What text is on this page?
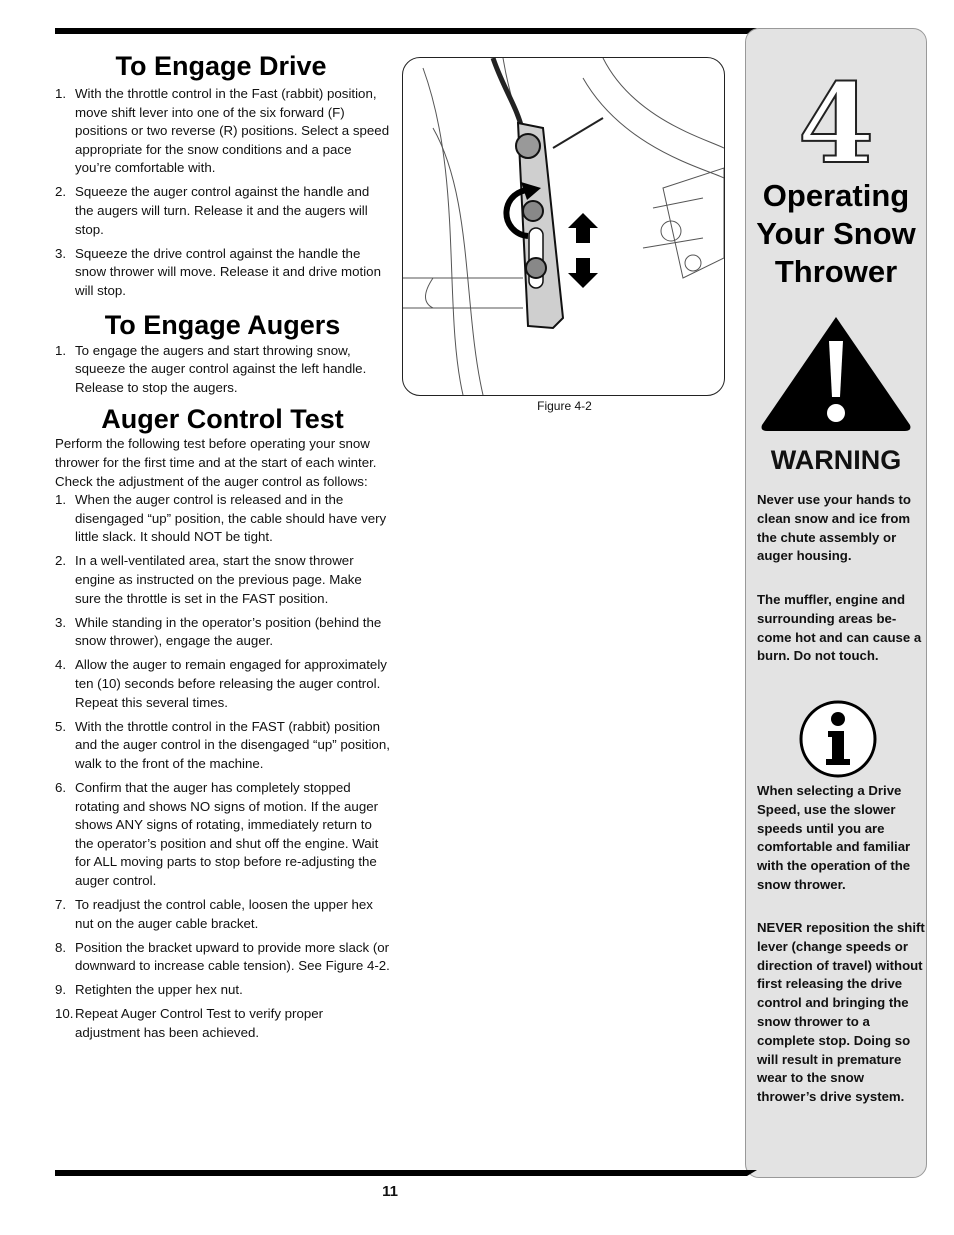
To Engage Drive
1. With the throttle control in the Fast (rabbit) position, move shift lever into one of the six forward (F) positions or two reverse (R) positions. Select a speed appropriate for the snow conditions and a pace you’re comfortable with.
2. Squeeze the auger control against the handle and the augers will turn. Release it and the augers will stop.
3. Squeeze the drive control against the handle the snow thrower will move. Release it and drive motion will stop.
To Engage Augers
1. To engage the augers and start throwing snow, squeeze the auger control against the left handle. Release to stop the augers.
Auger Control Test

Perform the following test before operating your snow thrower for the first time and at the start of each winter. Check the adjustment of the auger control as follows:

1. When the auger control is released and in the disengaged “up” position, the cable should have very little slack. It should NOT be tight.
2. In a well-ventilated area, start the snow thrower engine as instructed on the previous page. Make sure the throttle is set in the FAST position.
3. While standing in the operator’s position (behind the snow thrower), engage the auger.
4. Allow the auger to remain engaged for approximately ten (10) seconds before releasing the auger control. Repeat this several times.
5. With the throttle control in the FAST (rabbit) position and the auger control in the disengaged “up” position, walk to the front of the machine.
6. Confirm that the auger has completely stopped rotating and shows NO signs of motion. If the auger shows ANY signs of rotating, immediately return to the operator’s position and shut off the engine. Wait for ALL moving parts to stop before re-adjusting the auger control.
7. To readjust the control cable, loosen the upper hex nut on the auger cable bracket.
8. Position the bracket upward to provide more slack (or downward to increase cable tension). See Figure 4-2.
9. Retighten the upper hex nut.
10. Repeat Auger Control Test to verify proper adjustment has been achieved.
Figure 4-2
4
Operating
Your Snow
Thrower
WARNING
Never use your hands to clean snow and ice from the chute assembly or auger housing.
The muffler, engine and surrounding areas be-come hot and can cause a burn. Do not touch.
When selecting a Drive Speed, use the slower speeds until you are comfortable and familiar with the operation of the snow thrower.
NEVER reposition the shift lever (change speeds or direction of travel) without first releasing the drive control and bringing the snow thrower to a complete stop. Doing so will result in premature wear to the snow thrower’s drive system.
11
